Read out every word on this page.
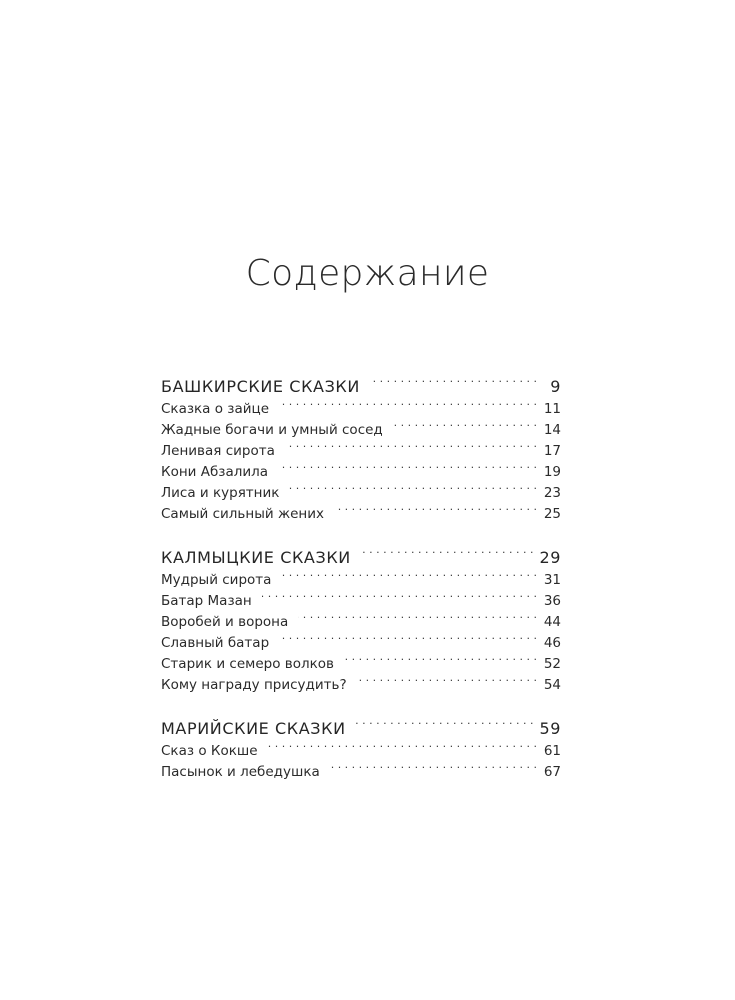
Содержание
БАШКИРСКИЕ СКАЗКИ . . .	9
Сказка о зайце . . .	11
Жадные богачи и умный сосед . . .	14
Ленивая сирота . . .	17
Кони Абзалила . . .	19
Лиса и курятник . . .	23
Самый сильный жених . . .	25
КАЛМЫЦКИЕ СКАЗКИ . . .	29
Мудрый сирота . . .	31
Батар Мазан . . .	36
Воробей и ворона . . .	44
Славный батар . . .	46
Старик и семеро волков . . .	52
Кому награду присудить? . . .	54
МАРИЙСКИЕ СКАЗКИ . . .	59
Сказ о Кокше . . .	61
Пасынок и лебедушка . . .	67
